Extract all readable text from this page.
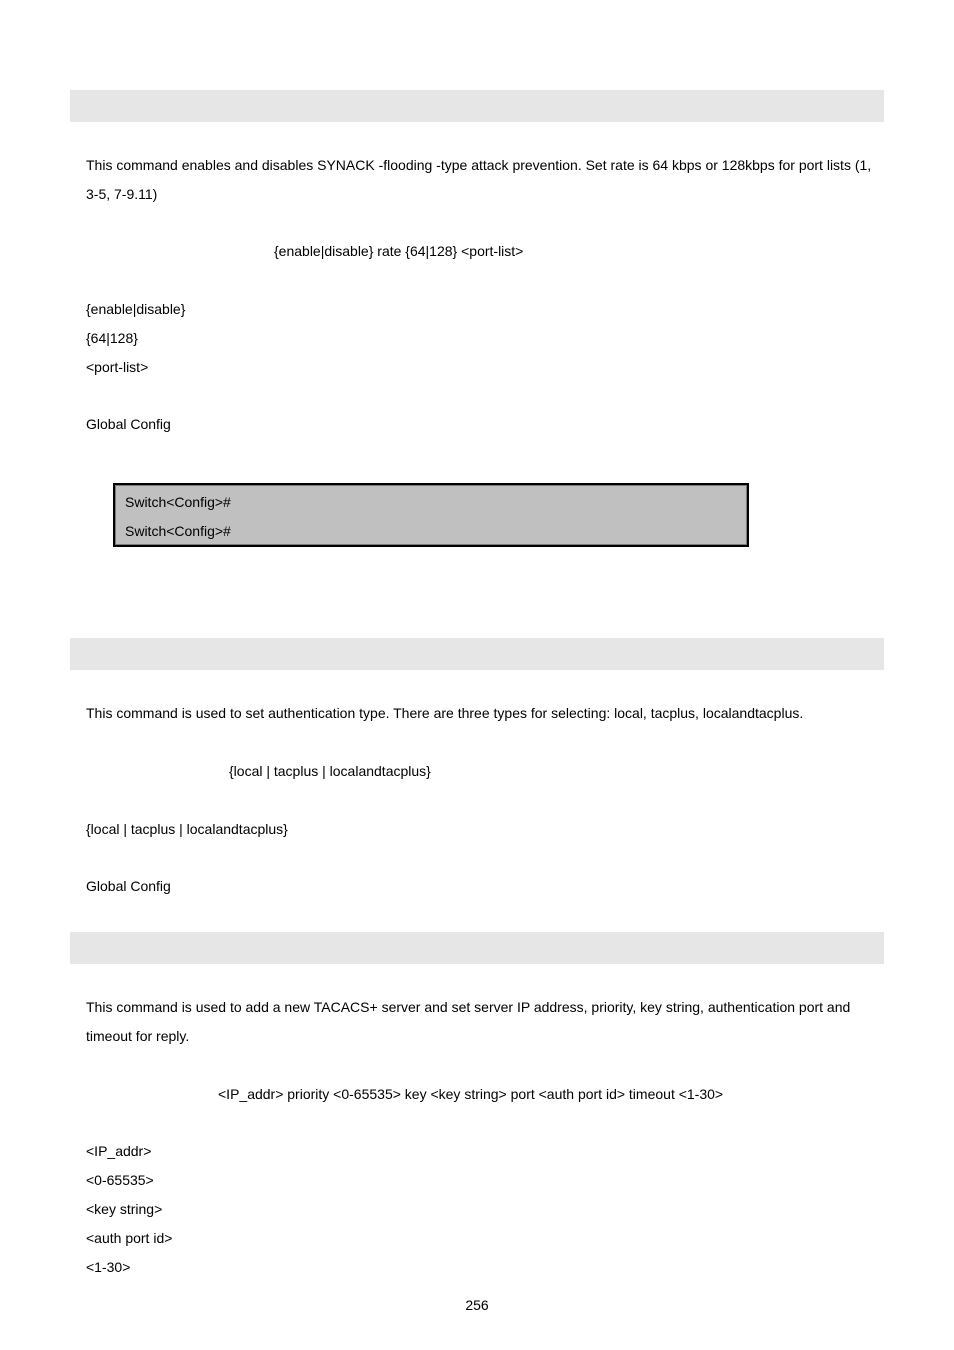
This command enables and disables SYNACK -flooding -type attack prevention. Set rate is 64 kbps or 128kbps for port lists (1, 3-5, 7-9.11)
{enable|disable} rate {64|128} <port-list>
{enable|disable}
{64|128}
<port-list>
Global Config
Switch<Config>#
Switch<Config>#
This command is used to set authentication type. There are three types for selecting: local, tacplus, localandtacplus.
{local | tacplus | localandtacplus}
{local | tacplus | localandtacplus}
Global Config
This command is used to add a new TACACS+ server and set server IP address, priority, key string, authentication port and timeout for reply.
<IP_addr> priority <0-65535> key <key string> port <auth port id> timeout <1-30>
<IP_addr>
<0-65535>
<key string>
<auth port id>
<1-30>
256
